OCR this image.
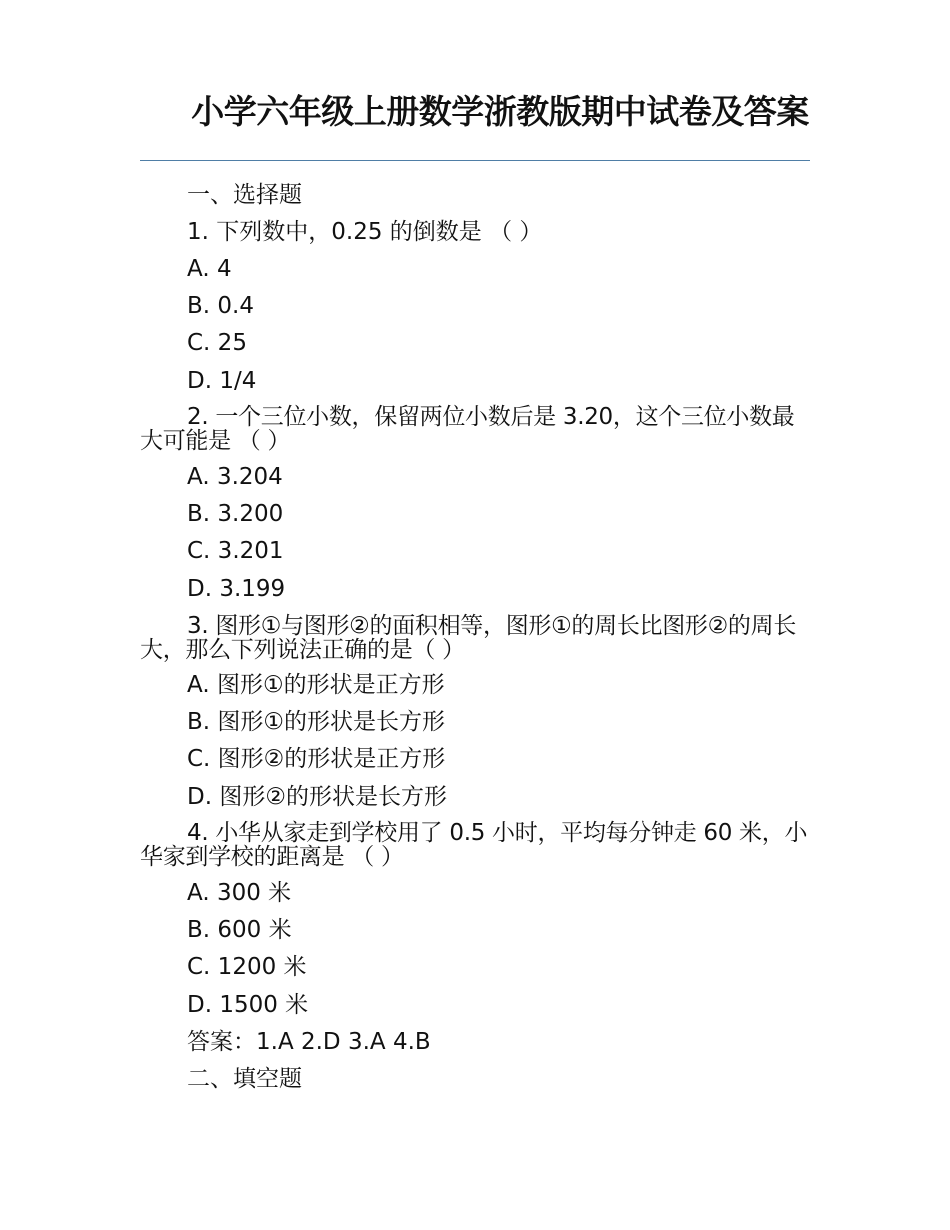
小学六年级上册数学浙教版期中试卷及答案
一、选择题
1. 下列数中，0.25 的倒数是 （ ）
A. 4
B. 0.4
C. 25
D. 1/4
2. 一个三位小数，保留两位小数后是 3.20，这个三位小数最大可能是 （ ）
A. 3.204
B. 3.200
C. 3.201
D. 3.199
3. 图形①与图形②的面积相等，图形①的周长比图形②的周长大，那么下列说法正确的是（ ）
A. 图形①的形状是正方形
B. 图形①的形状是长方形
C. 图形②的形状是正方形
D. 图形②的形状是长方形
4. 小华从家走到学校用了 0.5 小时，平均每分钟走 60 米，小华家到学校的距离是 （ ）
A. 300 米
B. 600 米
C. 1200 米
D. 1500 米
答案：1.A 2.D 3.A 4.B
二、填空题
